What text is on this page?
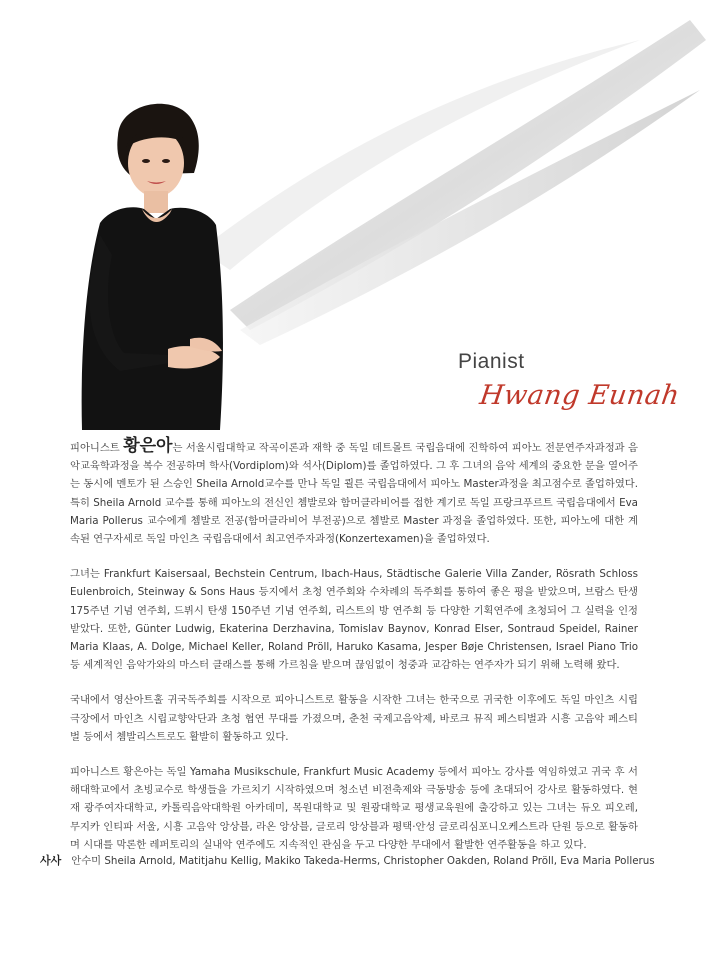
Pianist
Hwang Eunah

피아니스트 황은아는 서울시립대학교 작곡이론과 재학 중 독일 데트몰트 국립음대에 진학하여 피아노 전문연주자과정과 음악교육학과정을 복수 전공하며 학사(Vordiplom)와 석사(Diplom)를 졸업하였다. 그 후 그녀의 음악 세계의 중요한 문을 열어주는 동시에 멘토가 된 스승인 Sheila Arnold교수를 만나 독일 쾰른 국립음대에서 피아노 Master과정을 최고점수로 졸업하였다. 특히 Sheila Arnold 교수를 통해 피아노의 전신인 쳄발로와 함머클라비어를 접한 계기로 독일 프랑크푸르트 국립음대에서 Eva Maria Pollerus 교수에게 쳄발로 전공(함머클라비어 부전공)으로 쳄발로 Master 과정을 졸업하였다. 또한, 피아노에 대한 계속된 연구자세로 독일 마인츠 국립음대에서 최고연주자과정(Konzertexamen)을 졸업하였다.

그녀는 Frankfurt Kaisersaal, Bechstein Centrum, Ibach-Haus, Städtische Galerie Villa Zander, Rösrath Schloss Eulenbroich, Steinway & Sons Haus 등지에서 초청 연주회와 수차례의 독주회를 통하여 좋은 평을 받았으며, 브람스 탄생 175주년 기념 연주회, 드뷔시 탄생 150주년 기념 연주회, 리스트의 방 연주회 등 다양한 기획연주에 초청되어 그 실력을 인정받았다. 또한, Günter Ludwig, Ekaterina Derzhavina, Tomislav Baynov, Konrad Elser, Sontraud Speidel, Rainer Maria Klaas, A. Dolge, Michael Keller, Roland Pröll, Haruko Kasama, Jesper Bøje Christensen, Israel Piano Trio 등 세계적인 음악가와의 마스터 클래스를 통해 가르침을 받으며 끊임없이 청중과 교감하는 연주자가 되기 위해 노력해 왔다.

국내에서 영산아트홀 귀국독주회를 시작으로 피아니스트로 활동을 시작한 그녀는 한국으로 귀국한 이후에도 독일 마인츠 시립극장에서 마인츠 시립교향악단과 초청 협연 무대를 가졌으며, 춘천 국제고음악제, 바로크 뮤직 페스티벌과 시흥 고음악 페스티벌 등에서 쳄발리스트로도 활발히 활동하고 있다.

피아니스트 황은아는 독일 Yamaha Musikschule, Frankfurt Music Academy 등에서 피아노 강사를 역임하였고 귀국 후 서해대학교에서 초빙교수로 학생들을 가르치기 시작하였으며 청소년 비전축제와 극동방송 등에 초대되어 강사로 활동하였다. 현재 광주여자대학교, 카톨릭음악대학원 아카데미, 목원대학교 및 원광대학교 평생교육원에 출강하고 있는 그녀는 듀오 피오레, 무지카 인티파 서울, 시흥 고음악 앙상블, 라온 앙상블, 글로리 앙상블과 평택·안성 글로리심포니오케스트라 단원 등으로 활동하며 시대를 막론한 레퍼토리의 실내악 연주에도 지속적인 관심을 두고 다양한 무대에서 활발한 연주활동을 하고 있다.

사사 안수미 Sheila Arnold, Matitjahu Kellig, Makiko Takeda-Herms, Christopher Oakden, Roland Pröll, Eva Maria Pollerus
